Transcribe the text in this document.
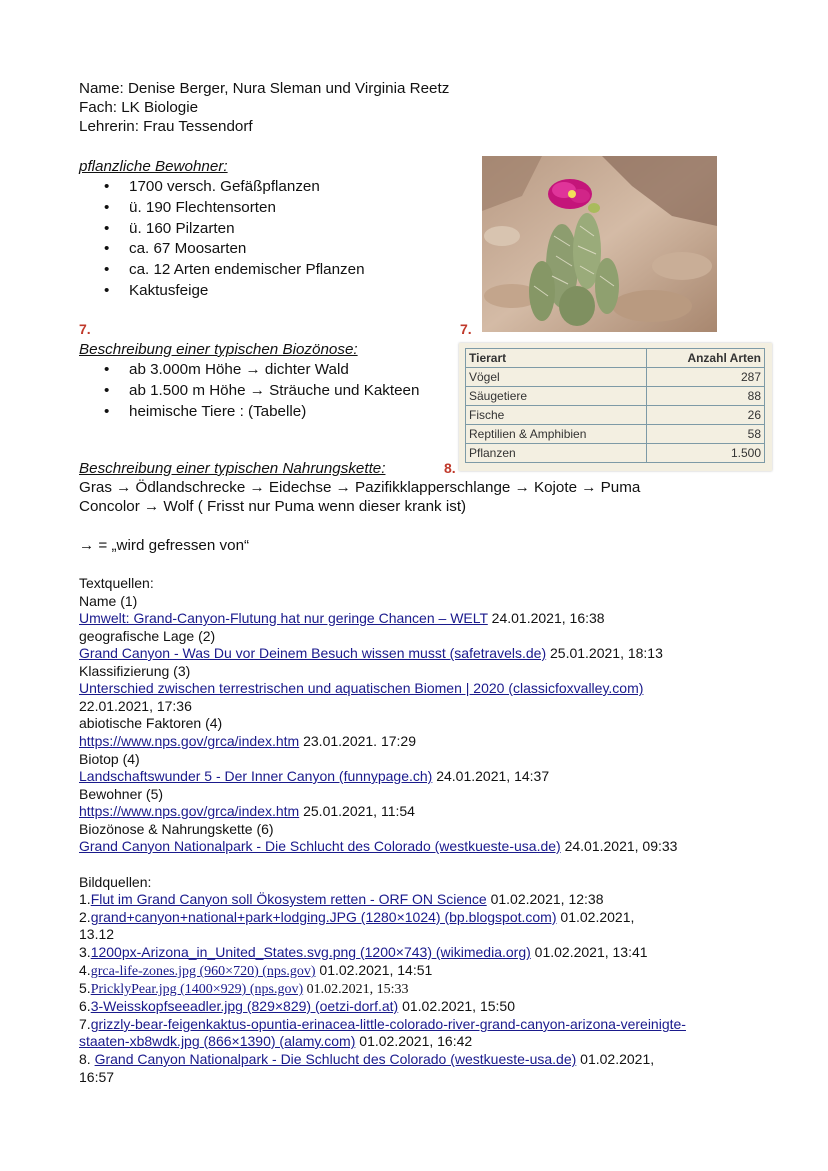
Name: Denise Berger, Nura Sleman und Virginia Reetz
Fach: LK Biologie
Lehrerin: Frau Tessendorf
pflanzliche Bewohner:
• 1700 versch. Gefäßpflanzen
• ü. 190 Flechtensorten
• ü. 160 Pilzarten
• ca. 67 Moosarten
• ca. 12 Arten endemischer Pflanzen
• Kaktusfeige
7.	7.
Beschreibung einer typischen Biozönose:
• ab 3.000m Höhe → dichter Wald
• ab 1.500 m Höhe → Sträuche und Kakteen
• heimische Tiere : (Tabelle)
Tierart	Anzahl Arten
Vögel	287
Säugetiere	88
Fische	26
Reptilien & Amphibien	58
Pflanzen	1.500
Beschreibung einer typischen Nahrungskette:	8.
Gras → Ödlandschrecke → Eidechse → Pazifikklapperschlange → Kojote → Puma
Concolor → Wolf ( Frisst nur Puma wenn dieser krank ist)
→ = „wird gefressen von“
Textquellen:
Name (1)
Umwelt: Grand-Canyon-Flutung hat nur geringe Chancen – WELT 24.01.2021, 16:38
geografische Lage (2)
Grand Canyon - Was Du vor Deinem Besuch wissen musst (safetravels.de) 25.01.2021, 18:13
Klassifizierung (3)
Unterschied zwischen terrestrischen und aquatischen Biomen | 2020 (classicfoxvalley.com)
22.01.2021, 17:36
abiotische Faktoren (4)
https://www.nps.gov/grca/index.htm 23.01.2021. 17:29
Biotop (4)
Landschaftswunder 5 - Der Inner Canyon (funnypage.ch) 24.01.2021, 14:37
Bewohner (5)
https://www.nps.gov/grca/index.htm 25.01.2021, 11:54
Biozönose & Nahrungskette (6)
Grand Canyon Nationalpark - Die Schlucht des Colorado (westkueste-usa.de) 24.01.2021, 09:33
Bildquellen:
1.Flut im Grand Canyon soll Ökosystem retten - ORF ON Science 01.02.2021, 12:38
2.grand+canyon+national+park+lodging.JPG (1280×1024) (bp.blogspot.com) 01.02.2021,
13.12
3.1200px-Arizona_in_United_States.svg.png (1200×743) (wikimedia.org) 01.02.2021, 13:41
4.grca-life-zones.jpg (960×720) (nps.gov) 01.02.2021, 14:51
5.PricklyPear.jpg (1400×929) (nps.gov) 01.02.2021, 15:33
6.3-Weisskopfseeadler.jpg (829×829) (oetzi-dorf.at) 01.02.2021, 15:50
7.grizzly-bear-feigenkaktus-opuntia-erinacea-little-colorado-river-grand-canyon-arizona-vereinigte-
staaten-xb8wdk.jpg (866×1390) (alamy.com) 01.02.2021, 16:42
8. Grand Canyon Nationalpark - Die Schlucht des Colorado (westkueste-usa.de) 01.02.2021,
16:57
